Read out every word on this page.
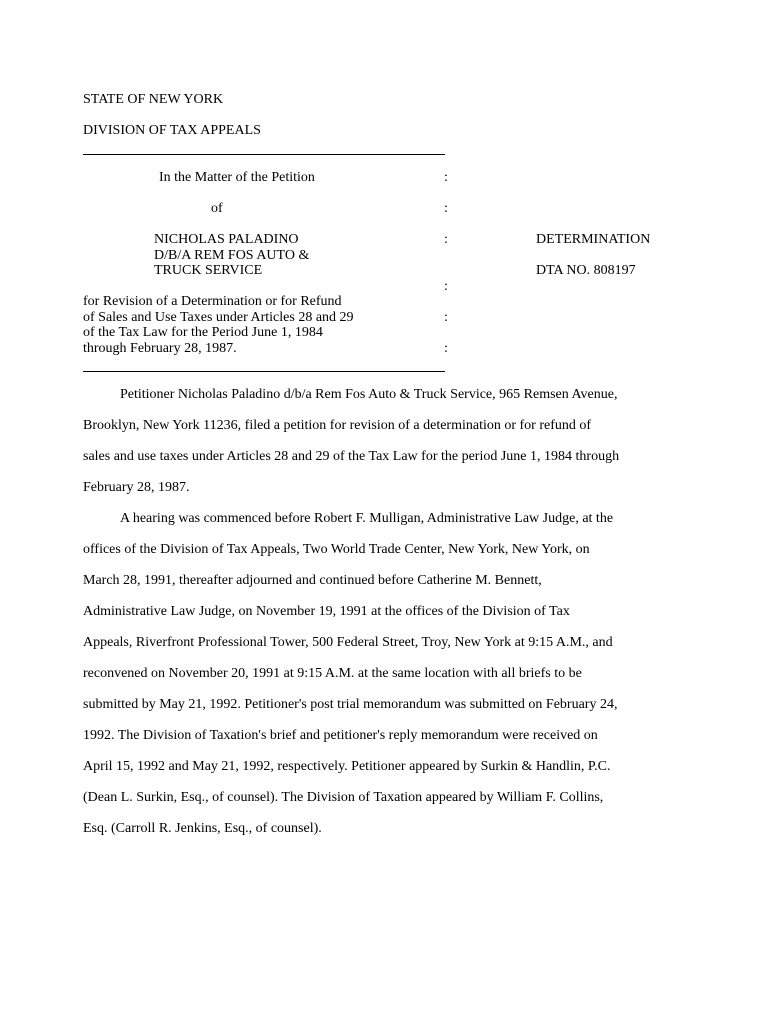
STATE OF NEW YORK
DIVISION OF TAX APPEALS
In the Matter of the Petition
of
NICHOLAS PALADINO
D/B/A REM FOS AUTO &
TRUCK SERVICE
for Revision of a Determination or for Refund
of Sales and Use Taxes under Articles 28 and 29
of the Tax Law for the Period June 1, 1984
through February 28, 1987.
:
:
:
:
:
:
DETERMINATION
DTA NO. 808197
Petitioner Nicholas Paladino d/b/a Rem Fos Auto & Truck Service, 965 Remsen Avenue,
Brooklyn, New York 11236, filed a petition for revision of a determination or for refund of
sales and use taxes under Articles 28 and 29 of the Tax Law for the period June 1, 1984 through
February 28, 1987.
A hearing was commenced before Robert F. Mulligan, Administrative Law Judge, at the
offices of the Division of Tax Appeals, Two World Trade Center, New York, New York, on
March 28, 1991, thereafter adjourned and continued before Catherine M. Bennett,
Administrative Law Judge, on November 19, 1991 at the offices of the Division of Tax
Appeals, Riverfront Professional Tower, 500 Federal Street, Troy, New York at 9:15 A.M., and
reconvened on November 20, 1991 at 9:15 A.M. at the same location with all briefs to be
submitted by May 21, 1992. Petitioner's post trial memorandum was submitted on February 24,
1992. The Division of Taxation's brief and petitioner's reply memorandum were received on
April 15, 1992 and May 21, 1992, respectively. Petitioner appeared by Surkin & Handlin, P.C.
(Dean L. Surkin, Esq., of counsel). The Division of Taxation appeared by William F. Collins,
Esq. (Carroll R. Jenkins, Esq., of counsel).
